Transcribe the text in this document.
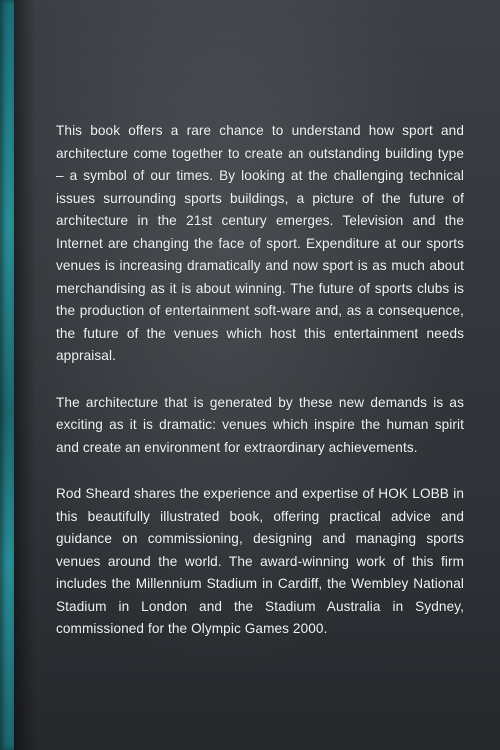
This book offers a rare chance to understand how sport and architecture come together to create an outstanding building type – a symbol of our times. By looking at the challenging technical issues surrounding sports buildings, a picture of the future of architecture in the 21st century emerges. Television and the Internet are changing the face of sport. Expenditure at our sports venues is increasing dramatically and now sport is as much about merchandising as it is about winning. The future of sports clubs is the production of entertainment soft-ware and, as a consequence, the future of the venues which host this entertainment needs appraisal.

The architecture that is generated by these new demands is as exciting as it is dramatic: venues which inspire the human spirit and create an environment for extraordinary achievements.

Rod Sheard shares the experience and expertise of HOK LOBB in this beautifully illustrated book, offering practical advice and guidance on commissioning, designing and managing sports venues around the world. The award-winning work of this firm includes the Millennium Stadium in Cardiff, the Wembley National Stadium in London and the Stadium Australia in Sydney, commissioned for the Olympic Games 2000.
